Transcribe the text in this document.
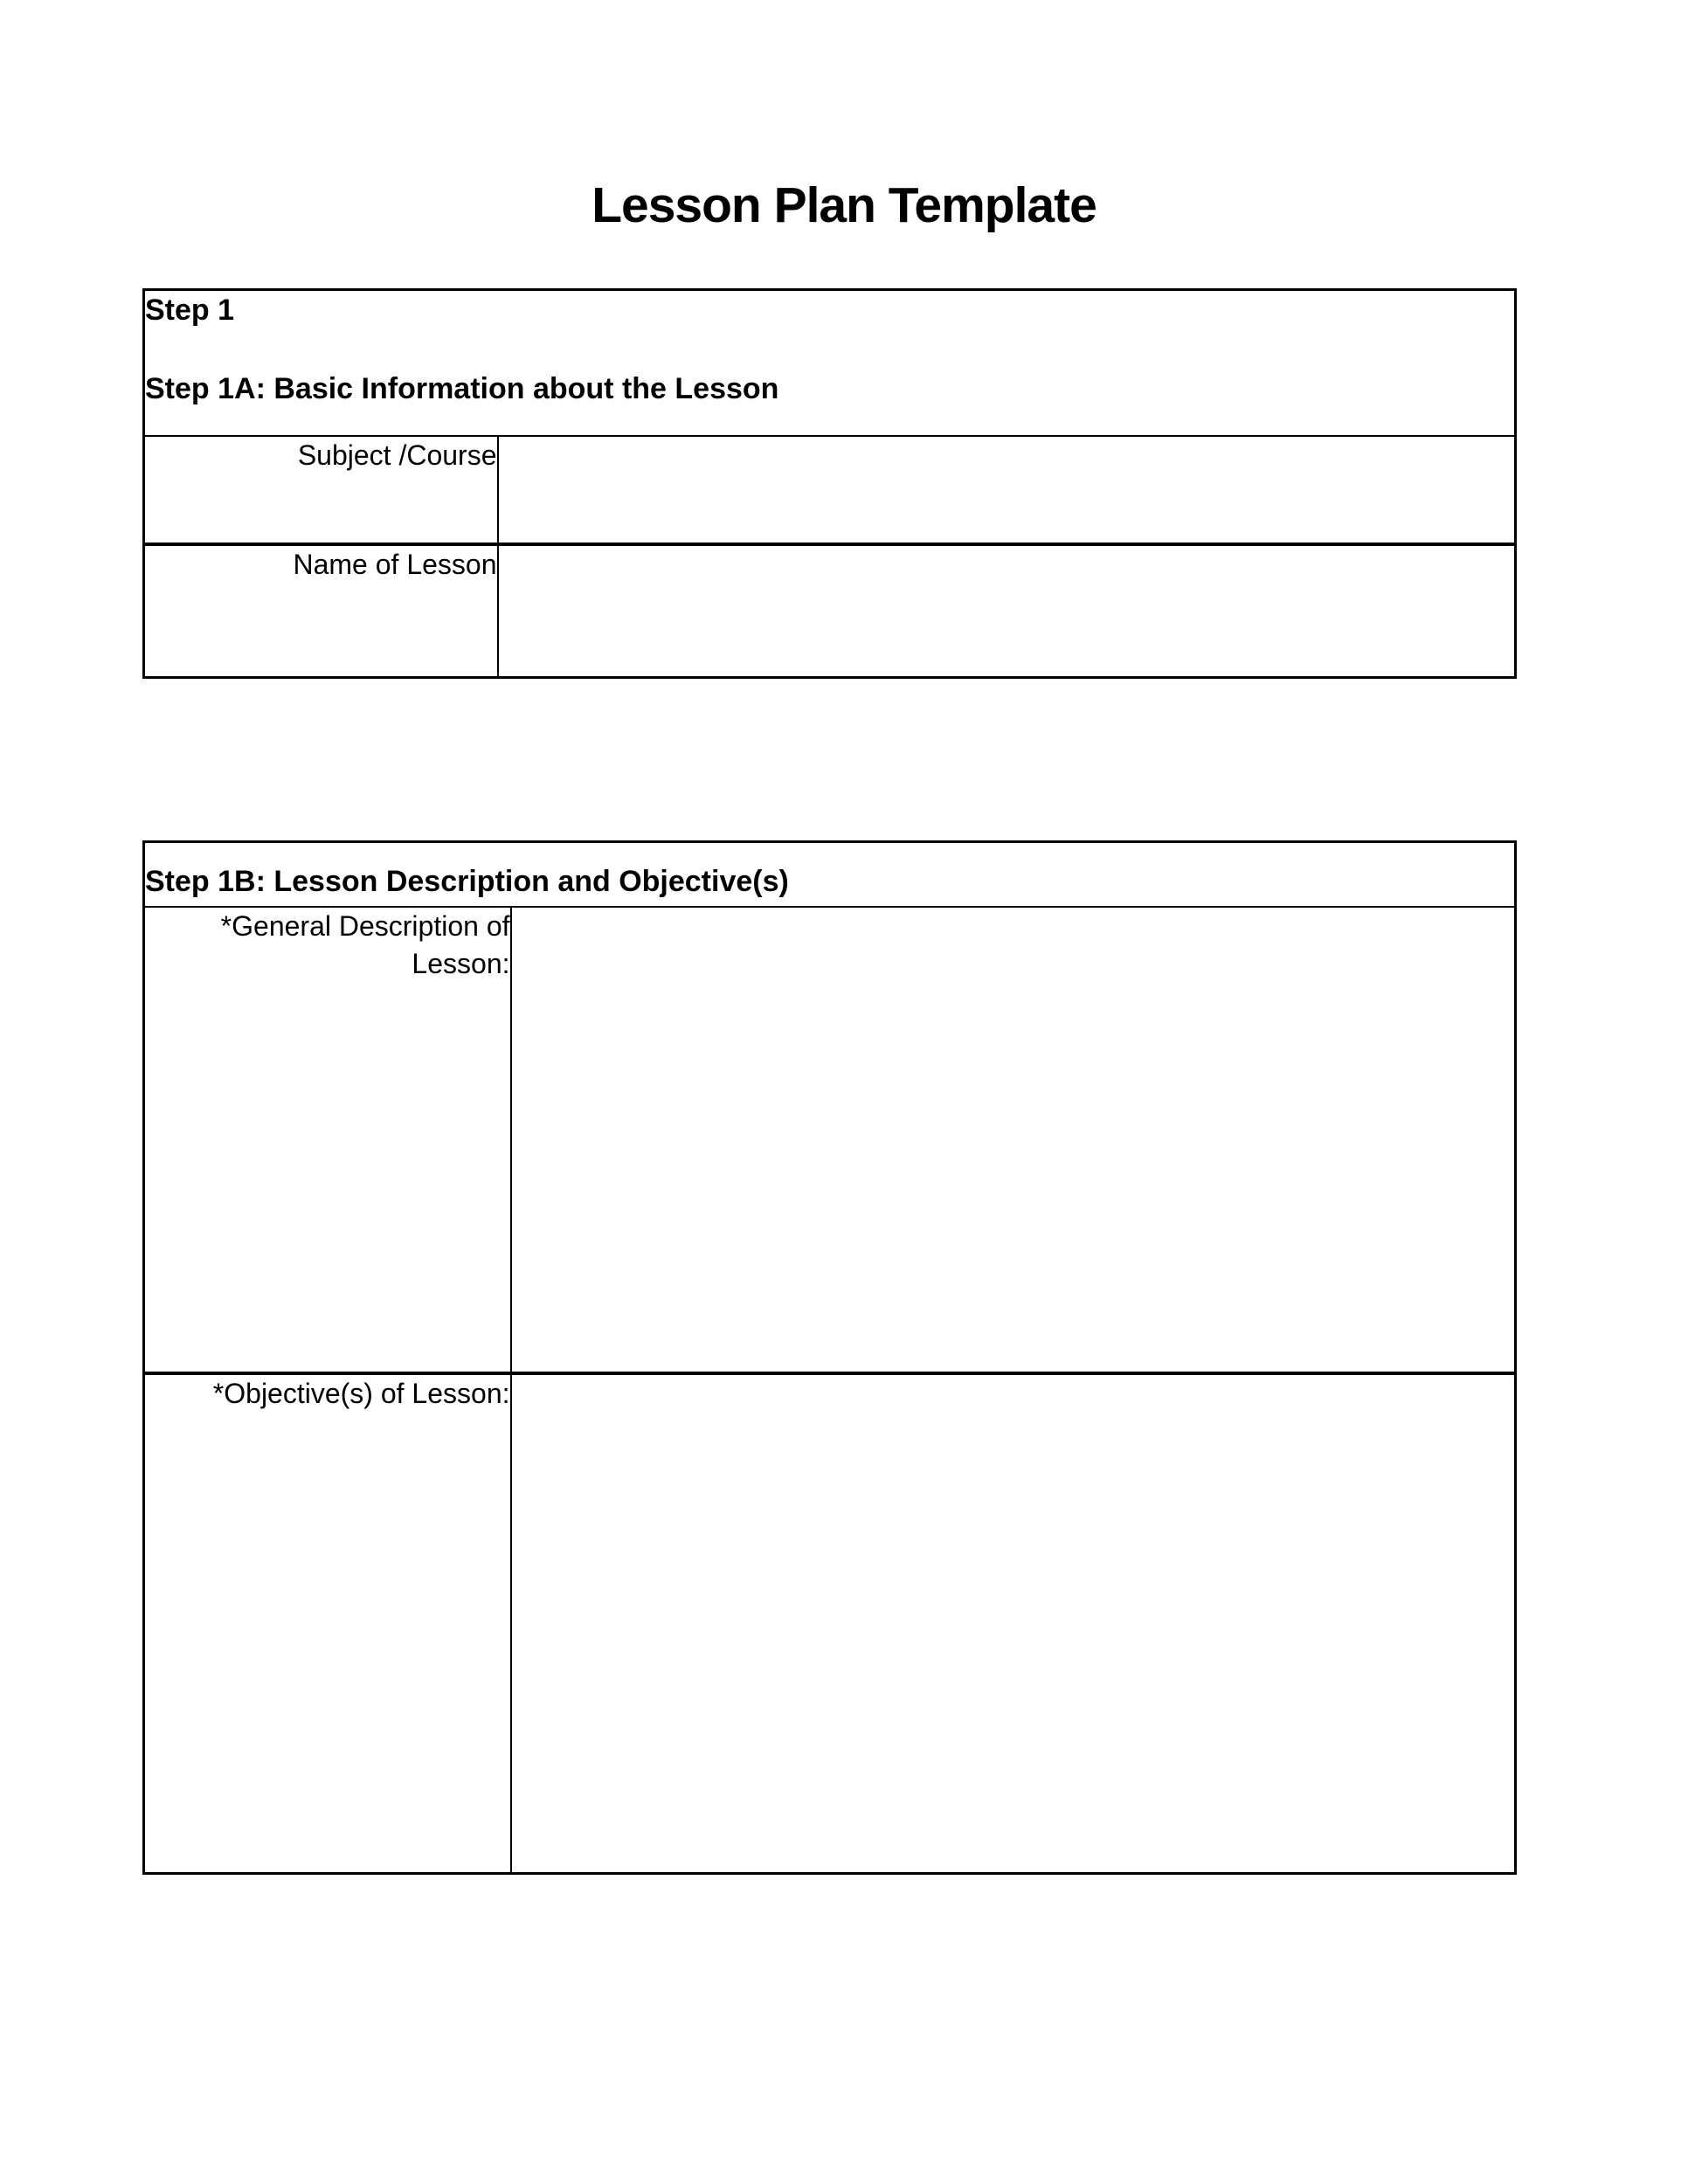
Lesson Plan Template
Step 1
Step 1A: Basic Information about the Lesson	

Subject /Course	
Name of Lesson	
Step 1B: Lesson Description and Objective(s)	

*General Description of Lesson:	
*Objective(s) of Lesson:	
